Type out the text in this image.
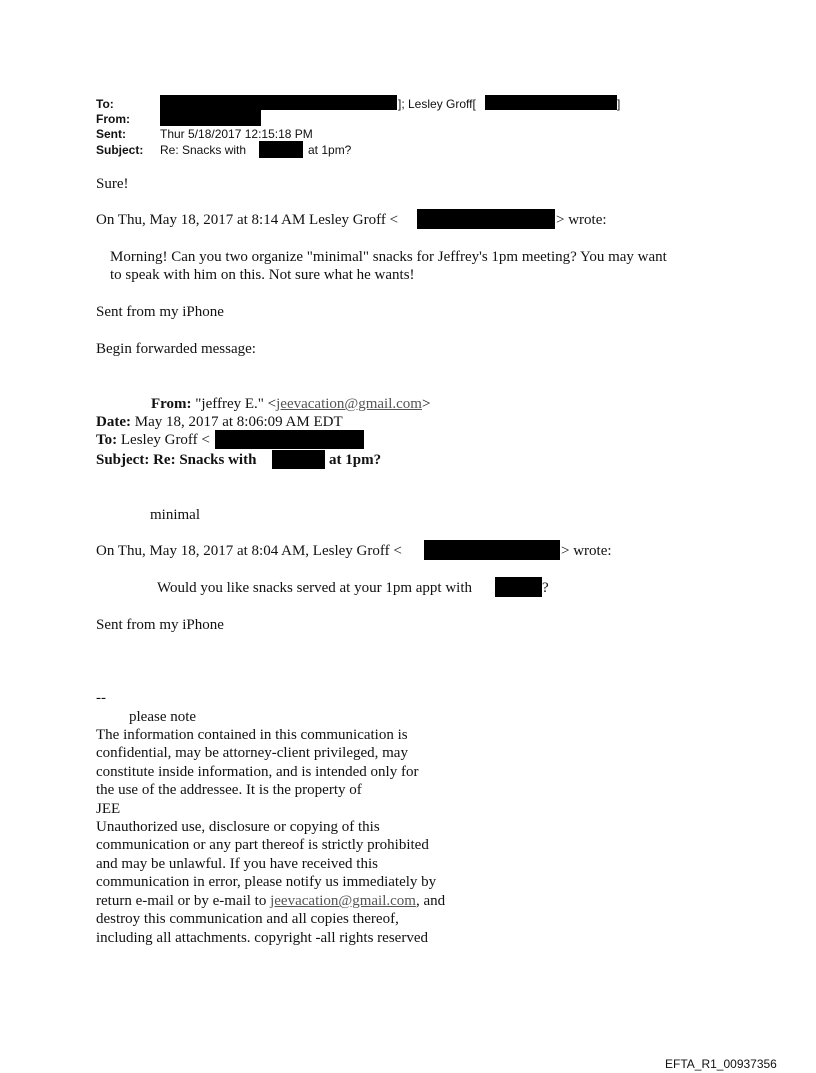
To:	]; Lesley Groff[	]
From:
Sent:	Thur 5/18/2017 12:15:18 PM
Subject: Re: Snacks with	at 1pm?
Sure!
On Thu, May 18, 2017 at 8:14 AM Lesley Groff <	> wrote:
Morning! Can you two organize "minimal" snacks for Jeffrey's 1pm meeting? You may want
to speak with him on this. Not sure what he wants!
Sent from my iPhone
Begin forwarded message:
From: "jeffrey E." <jeevacation@gmail.com>
Date: May 18, 2017 at 8:06:09 AM EDT
To: Lesley Groff <
Subject: Re: Snacks with	at 1pm?
minimal
On Thu, May 18, 2017 at 8:04 AM, Lesley Groff <	> wrote:
Would you like snacks served at your 1pm appt with	?
Sent from my iPhone
--
please note
The information contained in this communication is
confidential, may be attorney-client privileged, may
constitute inside information, and is intended only for
the use of the addressee. It is the property of
JEE
Unauthorized use, disclosure or copying of this
communication or any part thereof is strictly prohibited
and may be unlawful. If you have received this
communication in error, please notify us immediately by
return e-mail or by e-mail to jeevacation@gmail.com, and
destroy this communication and all copies thereof,
including all attachments. copyright -all rights reserved
EFTA_R1_00937356
